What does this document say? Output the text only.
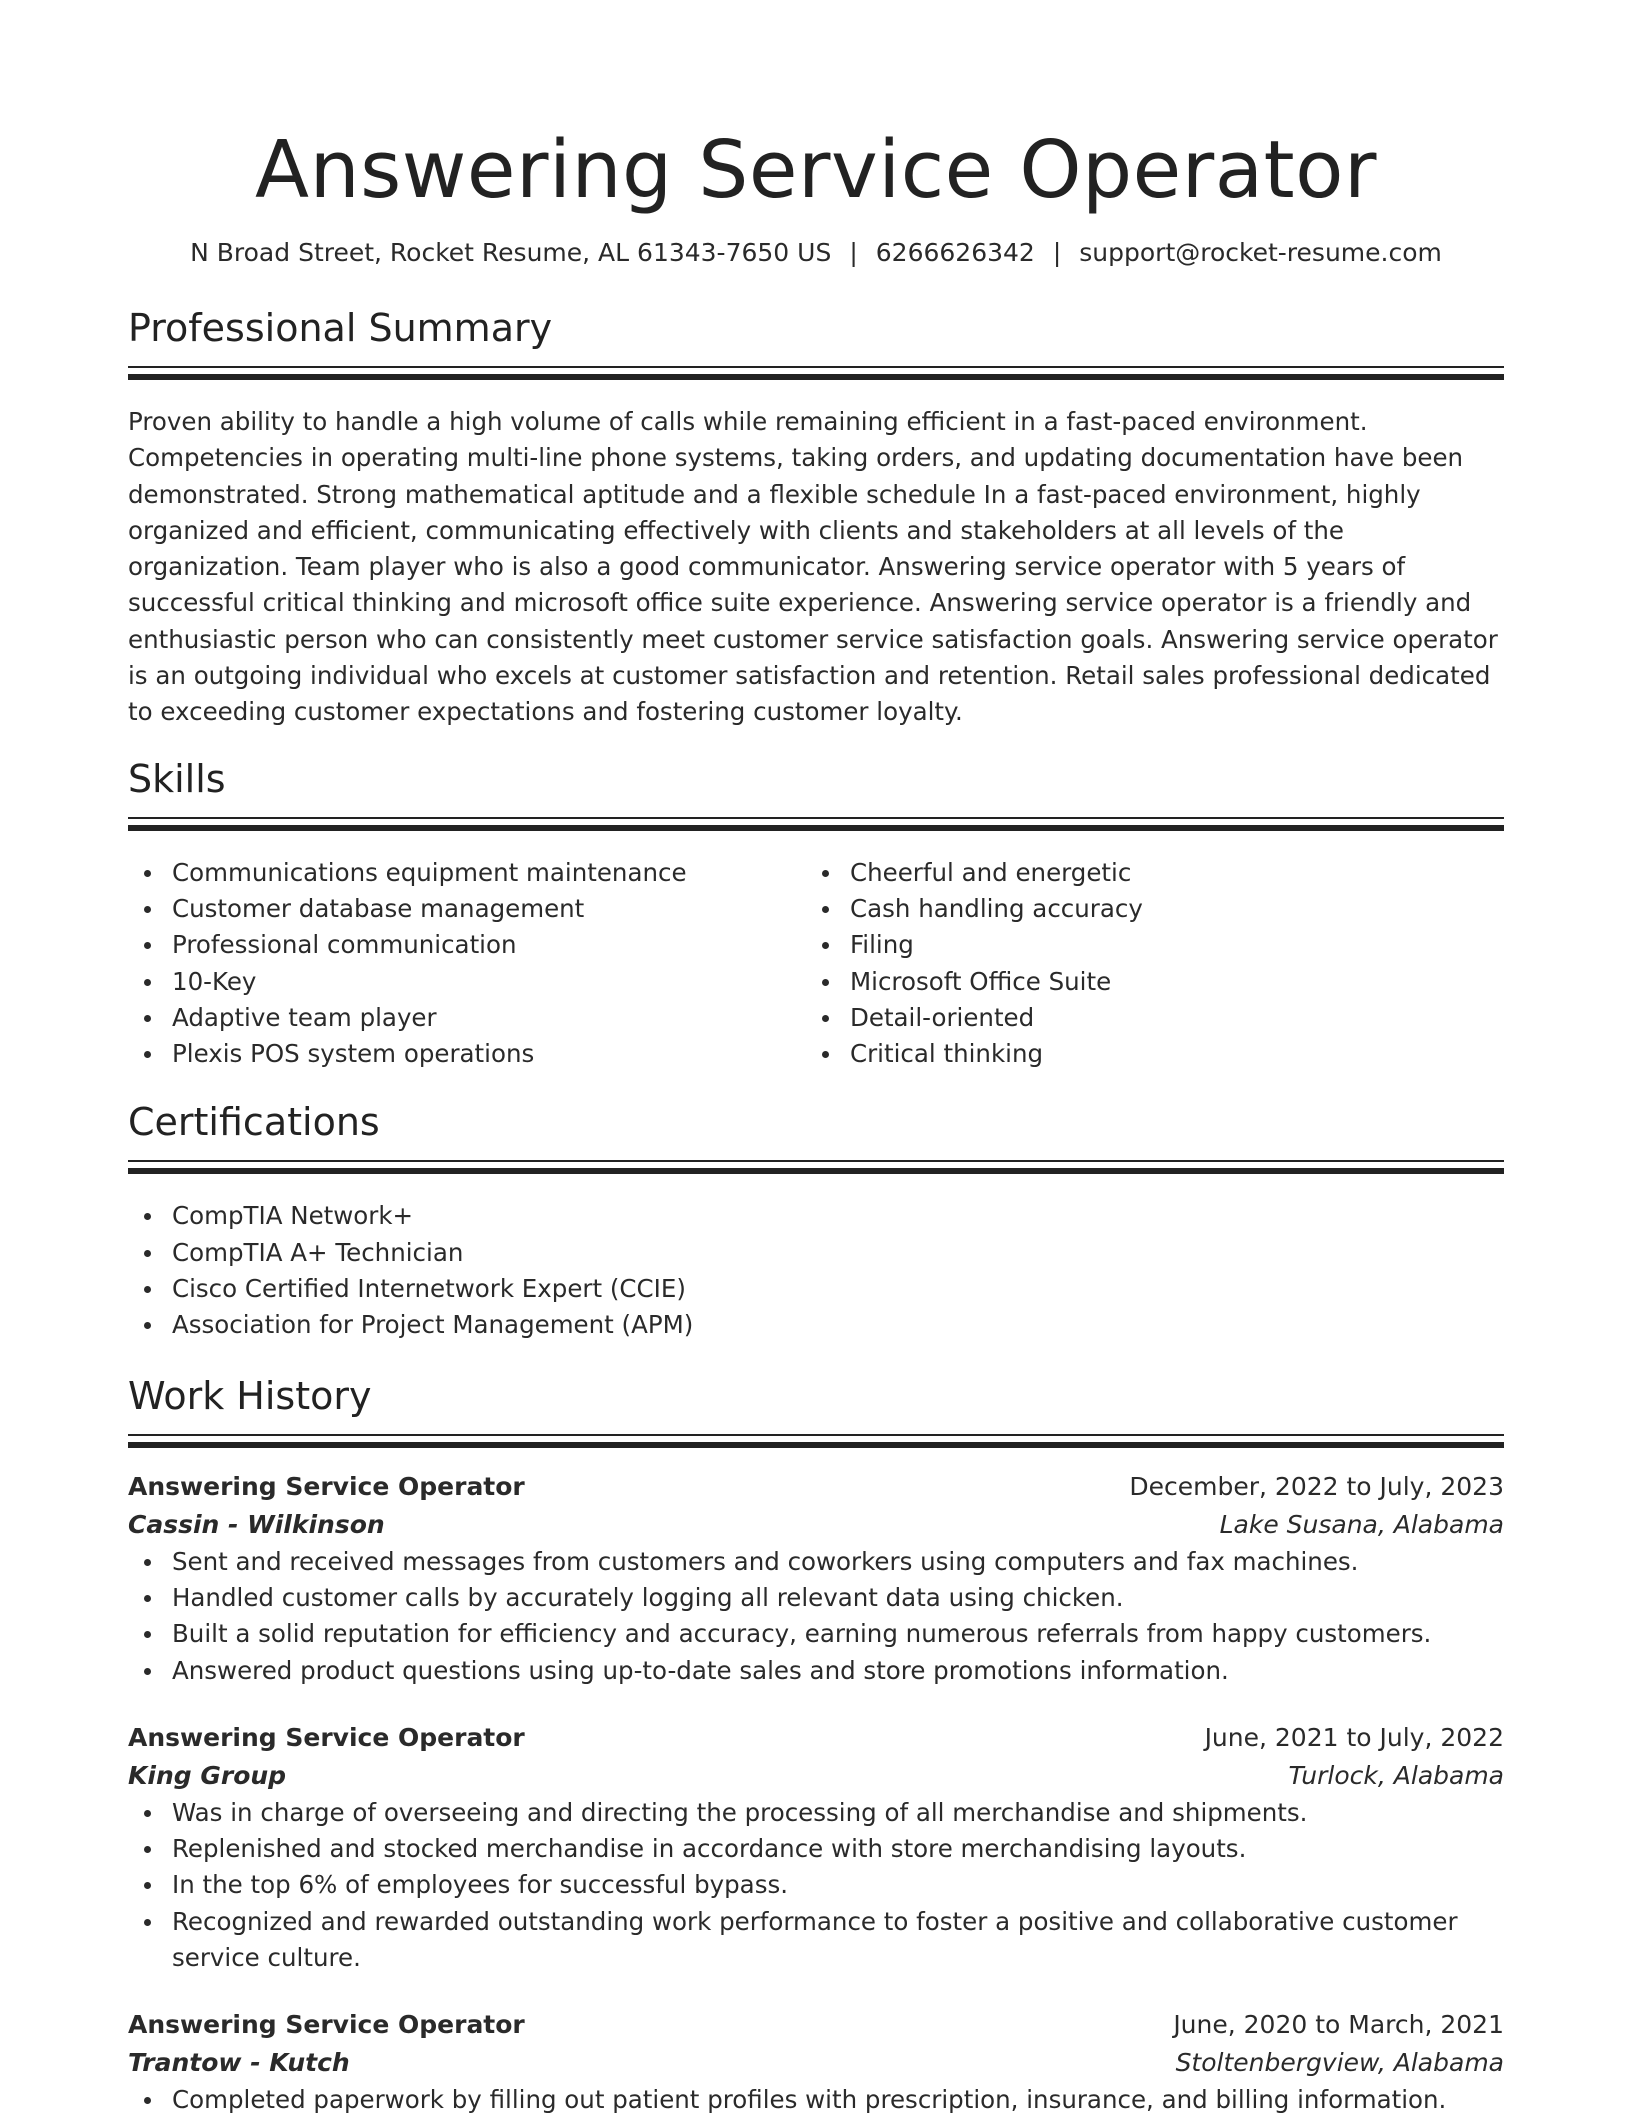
Answering Service Operator
N Broad Street, Rocket Resume, AL 61343-7650 US | 6266626342 | support@rocket-resume.com
Professional Summary

Proven ability to handle a high volume of calls while remaining efficient in a fast-paced environment. Competencies in operating multi-line phone systems, taking orders, and updating documentation have been demonstrated. Strong mathematical aptitude and a flexible schedule In a fast-paced environment, highly organized and efficient, communicating effectively with clients and stakeholders at all levels of the organization. Team player who is also a good communicator. Answering service operator with 5 years of successful critical thinking and microsoft office suite experience. Answering service operator is a friendly and enthusiastic person who can consistently meet customer service satisfaction goals. Answering service operator is an outgoing individual who excels at customer satisfaction and retention. Retail sales professional dedicated to exceeding customer expectations and fostering customer loyalty.

Skills
Communications equipment maintenance
Customer database management
Professional communication
10-Key
Adaptive team player
Plexis POS system operations
Cheerful and energetic
Cash handling accuracy
Filing
Microsoft Office Suite
Detail-oriented
Critical thinking
Certifications
CompTIA Network+
CompTIA A+ Technician
Cisco Certified Internetwork Expert (CCIE)
Association for Project Management (APM)
Work History
Answering Service Operator	December, 2022 to July, 2023
Cassin - Wilkinson	Lake Susana, Alabama
Sent and received messages from customers and coworkers using computers and fax machines.
Handled customer calls by accurately logging all relevant data using chicken.
Built a solid reputation for efficiency and accuracy, earning numerous referrals from happy customers.
Answered product questions using up-to-date sales and store promotions information.
Answering Service Operator	June, 2021 to July, 2022
King Group	Turlock, Alabama
Was in charge of overseeing and directing the processing of all merchandise and shipments.
Replenished and stocked merchandise in accordance with store merchandising layouts.
In the top 6% of employees for successful bypass.
Recognized and rewarded outstanding work performance to foster a positive and collaborative customer service culture.
Answering Service Operator	June, 2020 to March, 2021
Trantow - Kutch	Stoltenbergview, Alabama
Completed paperwork by filling out patient profiles with prescription, insurance, and billing information.
